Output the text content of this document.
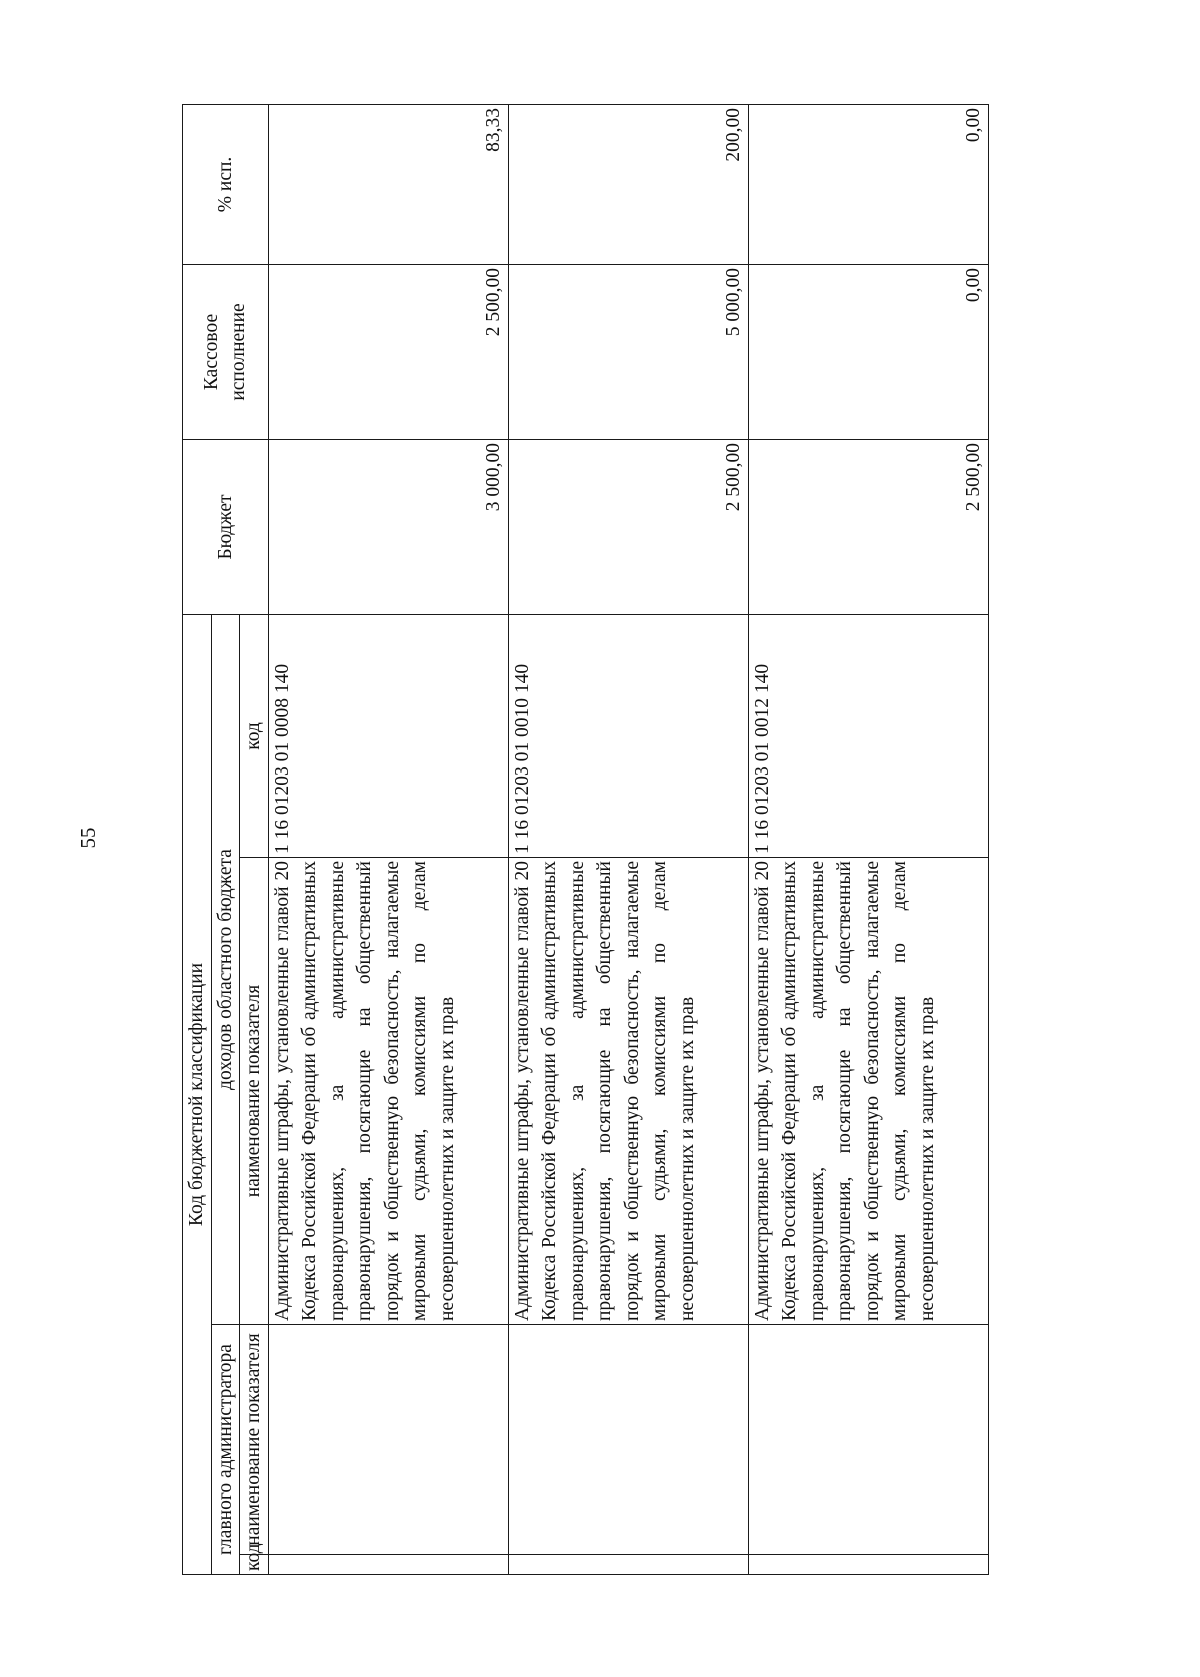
55
Код бюджетной классификации				Бюджет	Кассовое исполнение	% исп.
главного администратора		доходов областного бюджета				
код	наименование показателя	наименование показателя	код			
		Административные штрафы, установленные главой 20 Кодекса Российской Федерации об административных правонарушениях, за административные правонарушения, посягающие на общественный порядок и общественную безопасность, налагаемые мировыми судьями, комиссиями по делам несовершеннолетних и защите их прав	1 16 01203 01 0008 140	3 000,00	2 500,00	83,33
		Административные штрафы, установленные главой 20 Кодекса Российской Федерации об административных правонарушениях, за административные правонарушения, посягающие на общественный порядок и общественную безопасность, налагаемые мировыми судьями, комиссиями по делам несовершеннолетних и защите их прав	1 16 01203 01 0010 140	2 500,00	5 000,00	200,00
		Административные штрафы, установленные главой 20 Кодекса Российской Федерации об административных правонарушениях, за административные правонарушения, посягающие на общественный порядок и общественную безопасность, налагаемые мировыми судьями, комиссиями по делам несовершеннолетних и защите их прав	1 16 01203 01 0012 140	2 500,00	0,00	0,00
